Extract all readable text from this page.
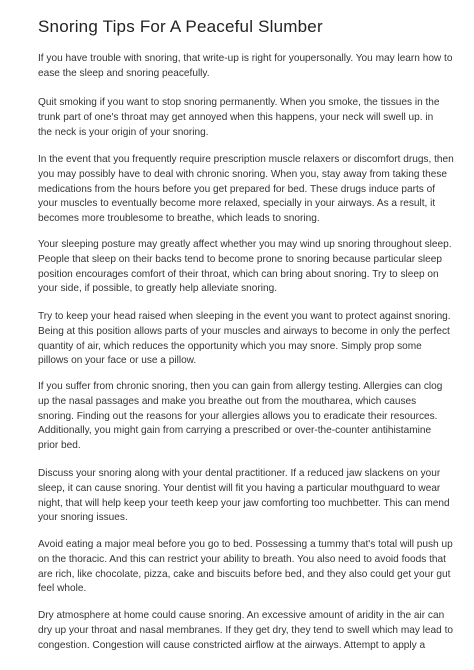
Snoring Tips For A Peaceful Slumber

If you have trouble with snoring, that write-up is right for youpersonally. You may learn how to
ease the sleep and snoring peacefully.

Quit smoking if you want to stop snoring permanently. When you smoke, the tissues in the
trunk part of one's throat may get annoyed when this happens, your neck will swell up. in
the neck is your origin of your snoring.

In the event that you frequently require prescription muscle relaxers or discomfort drugs, then
you may possibly have to deal with chronic snoring. When you, stay away from taking these
medications from the hours before you get prepared for bed. These drugs induce parts of
your muscles to eventually become more relaxed, specially in your airways. As a result, it
becomes more troublesome to breathe, which leads to snoring.

Your sleeping posture may greatly affect whether you may wind up snoring throughout sleep.
People that sleep on their backs tend to become prone to snoring because particular sleep
position encourages comfort of their throat, which can bring about snoring. Try to sleep on
your side, if possible, to greatly help alleviate snoring.

Try to keep your head raised when sleeping in the event you want to protect against snoring.
Being at this position allows parts of your muscles and airways to become in only the perfect
quantity of air, which reduces the opportunity which you may snore. Simply prop some
pillows on your face or use a pillow.

If you suffer from chronic snoring, then you can gain from allergy testing. Allergies can clog
up the nasal passages and make you breathe out from the moutharea, which causes
snoring. Finding out the reasons for your allergies allows you to eradicate their resources.
Additionally, you might gain from carrying a prescribed or over-the-counter antihistamine
prior bed.

Discuss your snoring along with your dental practitioner. If a reduced jaw slackens on your
sleep, it can cause snoring. Your dentist will fit you having a particular mouthguard to wear
night, that will help keep your teeth keep your jaw comforting too muchbetter. This can mend
your snoring issues.

Avoid eating a major meal before you go to bed. Possessing a tummy that's total will push up
on the thoracic. And this can restrict your ability to breath. You also need to avoid foods that
are rich, like chocolate, pizza, cake and biscuits before bed, and they also could get your gut
feel whole.

Dry atmosphere at home could cause snoring. An excessive amount of aridity in the air can
dry up your throat and nasal membranes. If they get dry, they tend to swell which may lead to
congestion. Congestion will cause constricted airflow at the airways. Attempt to apply a
